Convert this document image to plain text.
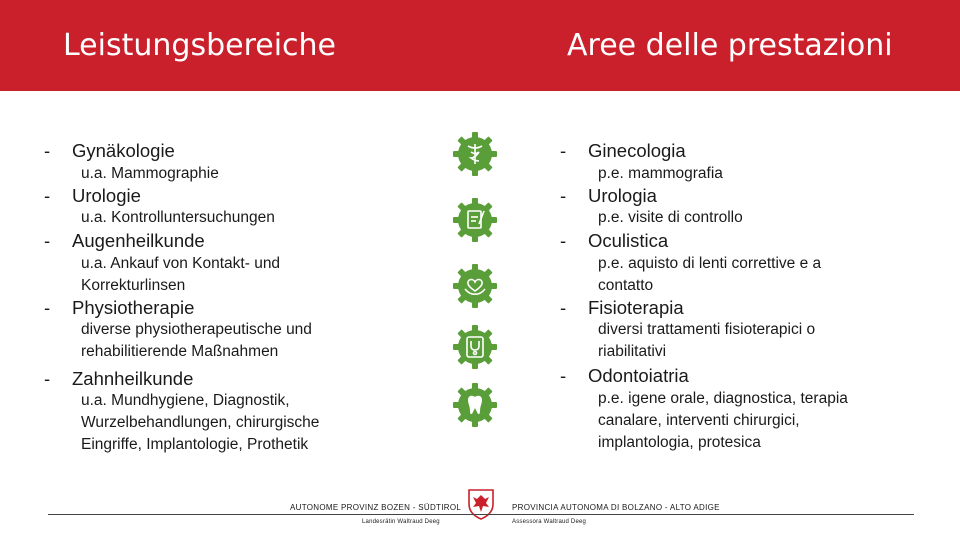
Leistungsbereiche	Aree delle prestazioni
- Gynäkologie
u.a. Mammographie
- Urologie
u.a. Kontrolluntersuchungen
- Augenheilkunde
u.a. Ankauf von Kontakt- und
Korrekturlinsen
- Physiotherapie
diverse physiotherapeutische und
rehabilitierende Maßnahmen
- Zahnheilkunde
u.a. Mundhygiene, Diagnostik,
Wurzelbehandlungen, chirurgische
Eingriffe, Implantologie, Prothetik
- Ginecologia
p.e. mammografia
- Urologia
p.e. visite di controllo
- Oculistica
p.e. aquisto di lenti correttive e a
contatto
- Fisioterapia
diversi trattamenti fisioterapici o
riabilitativi
- Odontoiatria
p.e. igene orale, diagnostica, terapia
canalare, interventi chirurgici,
implantologia, protesica
AUTONOME PROVINZ BOZEN - SÜDTIROL
Landesrätin Waltraud Deeg
PROVINCIA AUTONOMA DI BOLZANO - ALTO ADIGE
Assessora Waltraud Deeg
